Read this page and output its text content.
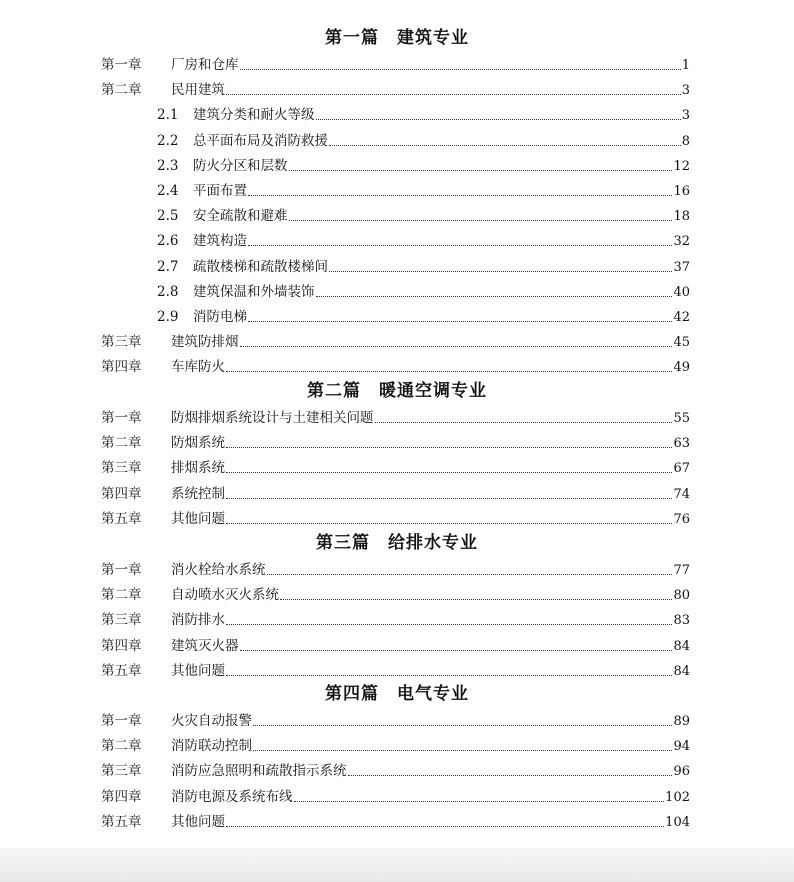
第一篇　建筑专业
第一章	厂房和仓库	1
第二章	民用建筑	3
2.1	建筑分类和耐火等级	3
2.2	总平面布局及消防救援	8
2.3	防火分区和层数	12
2.4	平面布置	16
2.5	安全疏散和避难	18
2.6	建筑构造	32
2.7	疏散楼梯和疏散楼梯间	37
2.8	建筑保温和外墙装饰	40
2.9	消防电梯	42
第三章	建筑防排烟	45
第四章	车库防火	49
第二篇　暖通空调专业
第一章	防烟排烟系统设计与土建相关问题	55
第二章	防烟系统	63
第三章	排烟系统	67
第四章	系统控制	74
第五章	其他问题	76
第三篇　给排水专业
第一章	消火栓给水系统	77
第二章	自动喷水灭火系统	80
第三章	消防排水	83
第四章	建筑灭火器	84
第五章	其他问题	84
第四篇　电气专业
第一章	火灾自动报警	89
第二章	消防联动控制	94
第三章	消防应急照明和疏散指示系统	96
第四章	消防电源及系统布线	102
第五章	其他问题	104
